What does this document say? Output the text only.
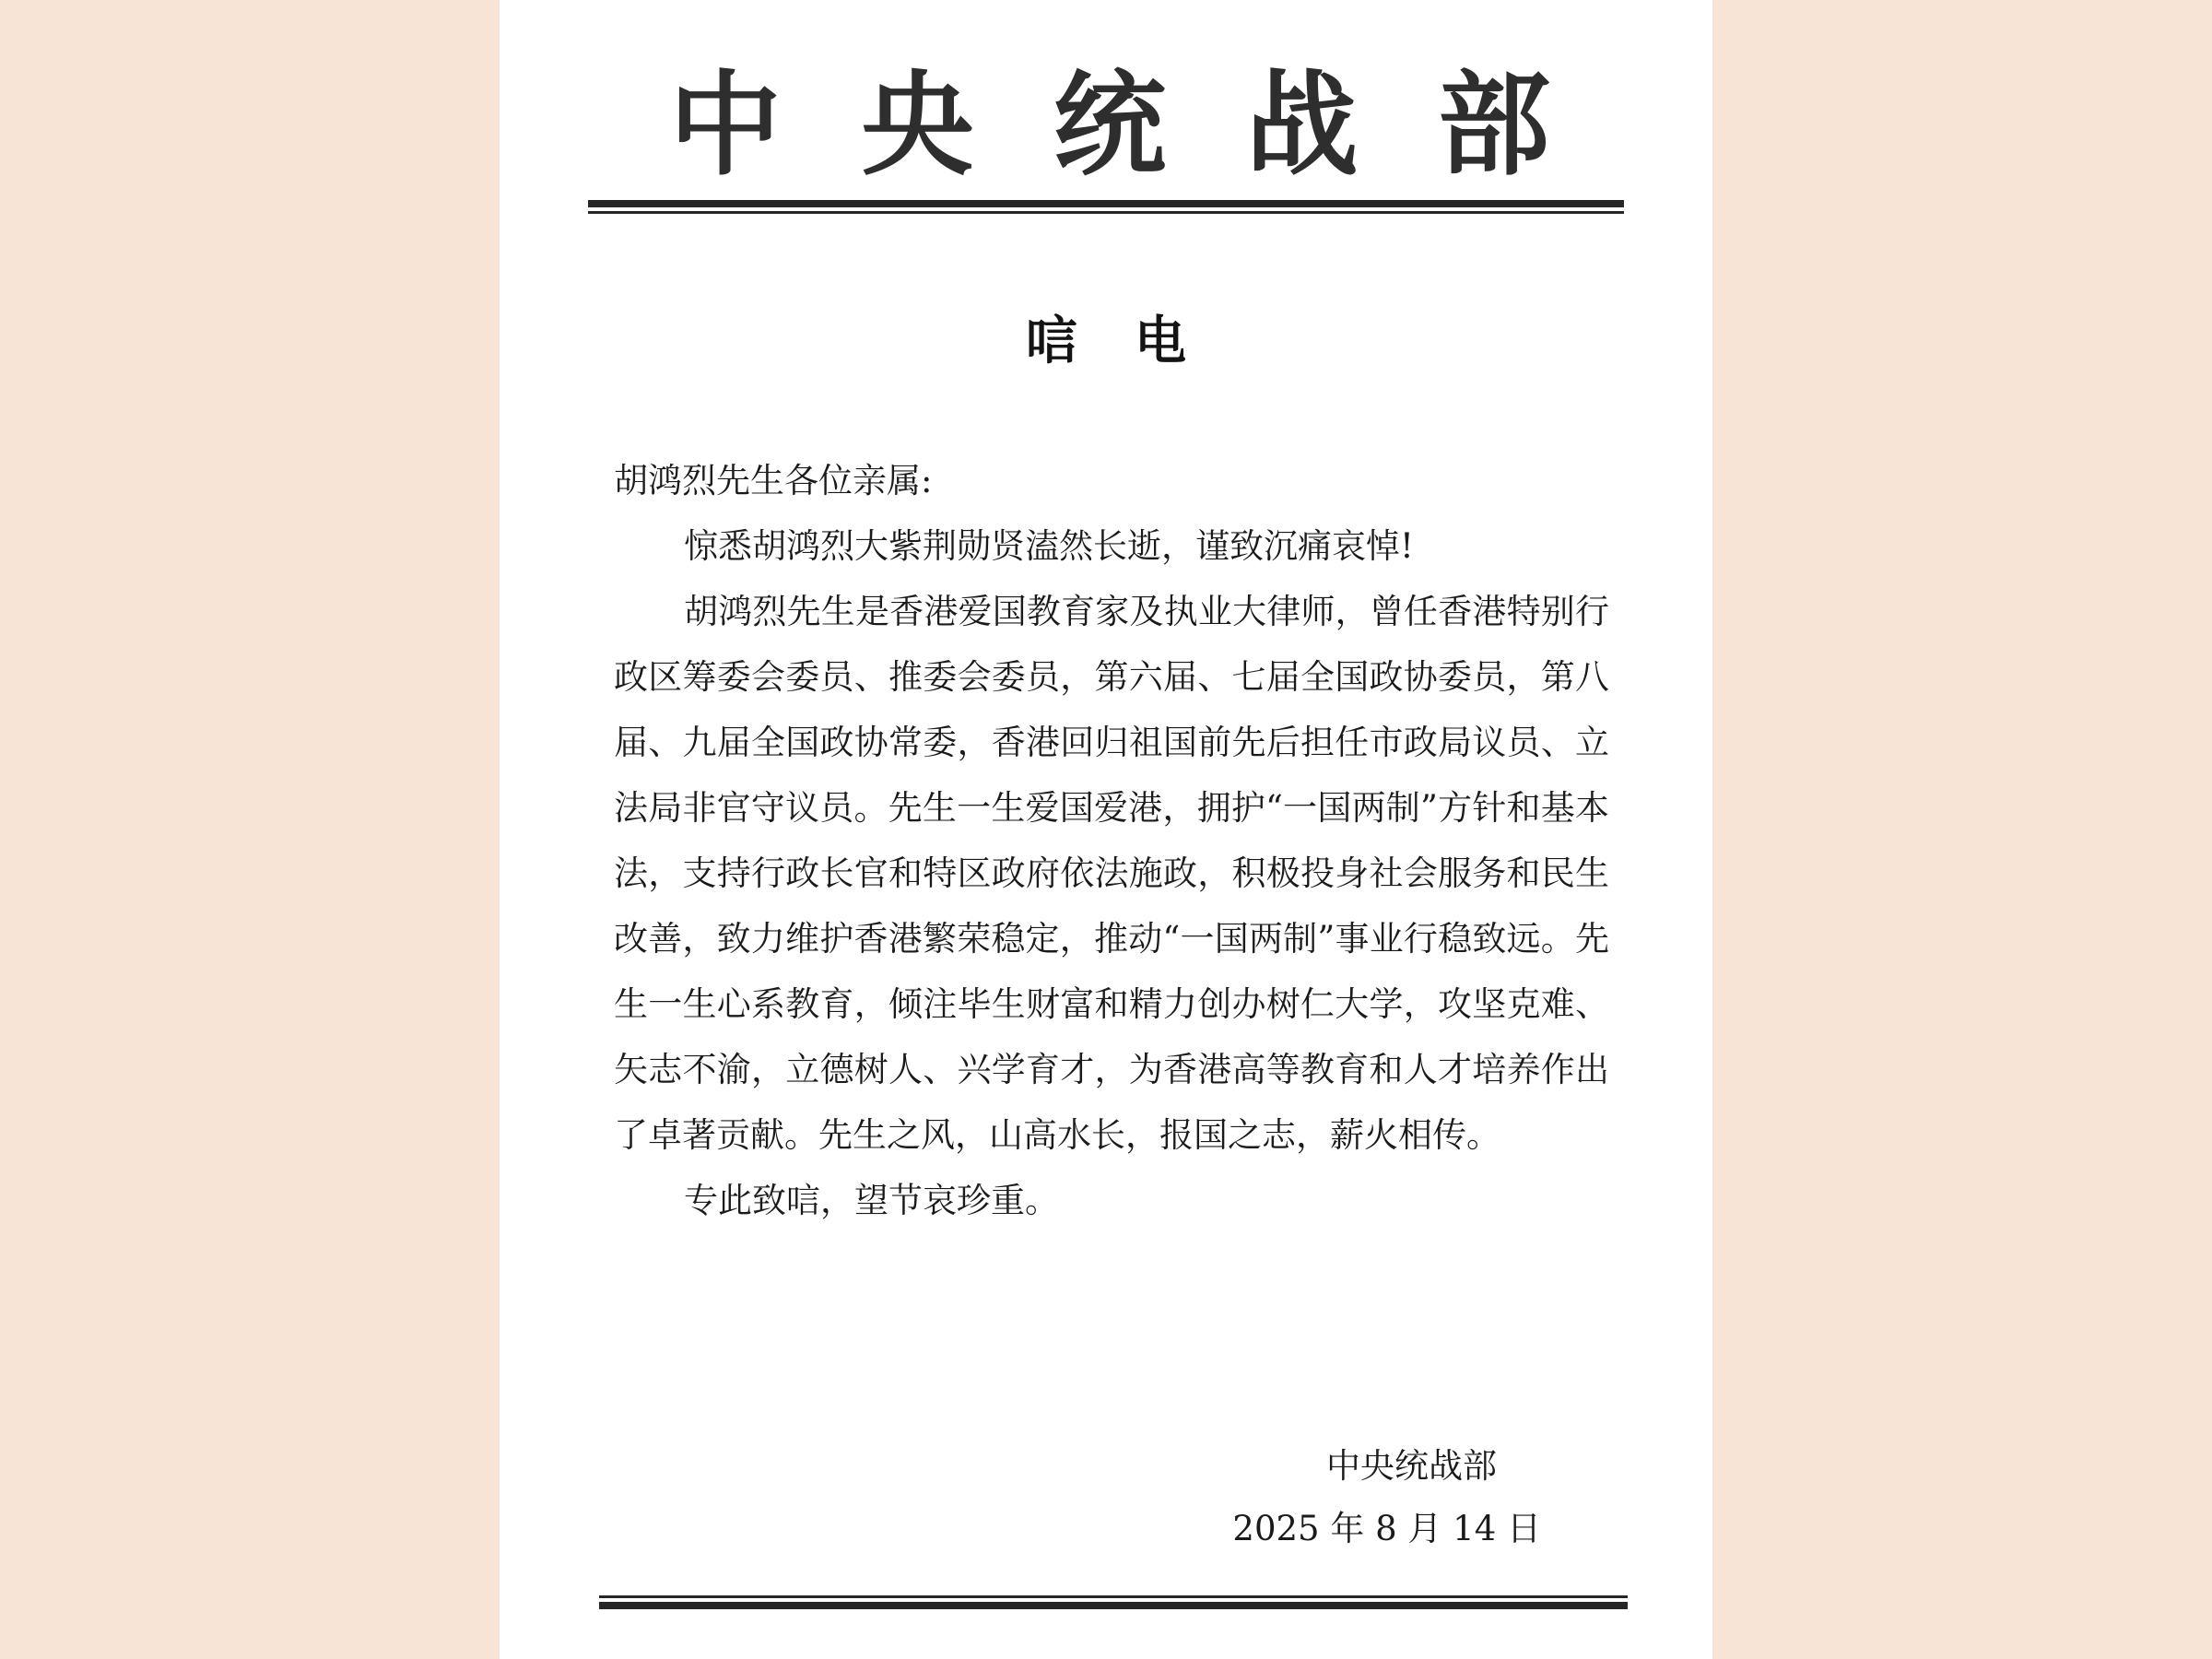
中 央 统 战 部
唁电

胡鸿烈先生各位亲属:

惊悉胡鸿烈大紫荆勋贤溘然长逝，谨致沉痛哀悼!

胡鸿烈先生是香港爱国教育家及执业大律师，曾任香港特别行政区筹委会委员、推委会委员，第六届、七届全国政协委员，第八届、九届全国政协常委，香港回归祖国前先后担任市政局议员、立法局非官守议员。先生一生爱国爱港，拥护“一国两制”方针和基本法，支持行政长官和特区政府依法施政，积极投身社会服务和民生改善，致力维护香港繁荣稳定，推动“一国两制”事业行稳致远。先生一生心系教育，倾注毕生财富和精力创办树仁大学，攻坚克难、矢志不渝，立德树人、兴学育才，为香港高等教育和人才培养作出了卓著贡献。先生之风，山高水长，报国之志，薪火相传。

专此致唁，望节哀珍重。

中央统战部
2025 年 8 月 14 日
